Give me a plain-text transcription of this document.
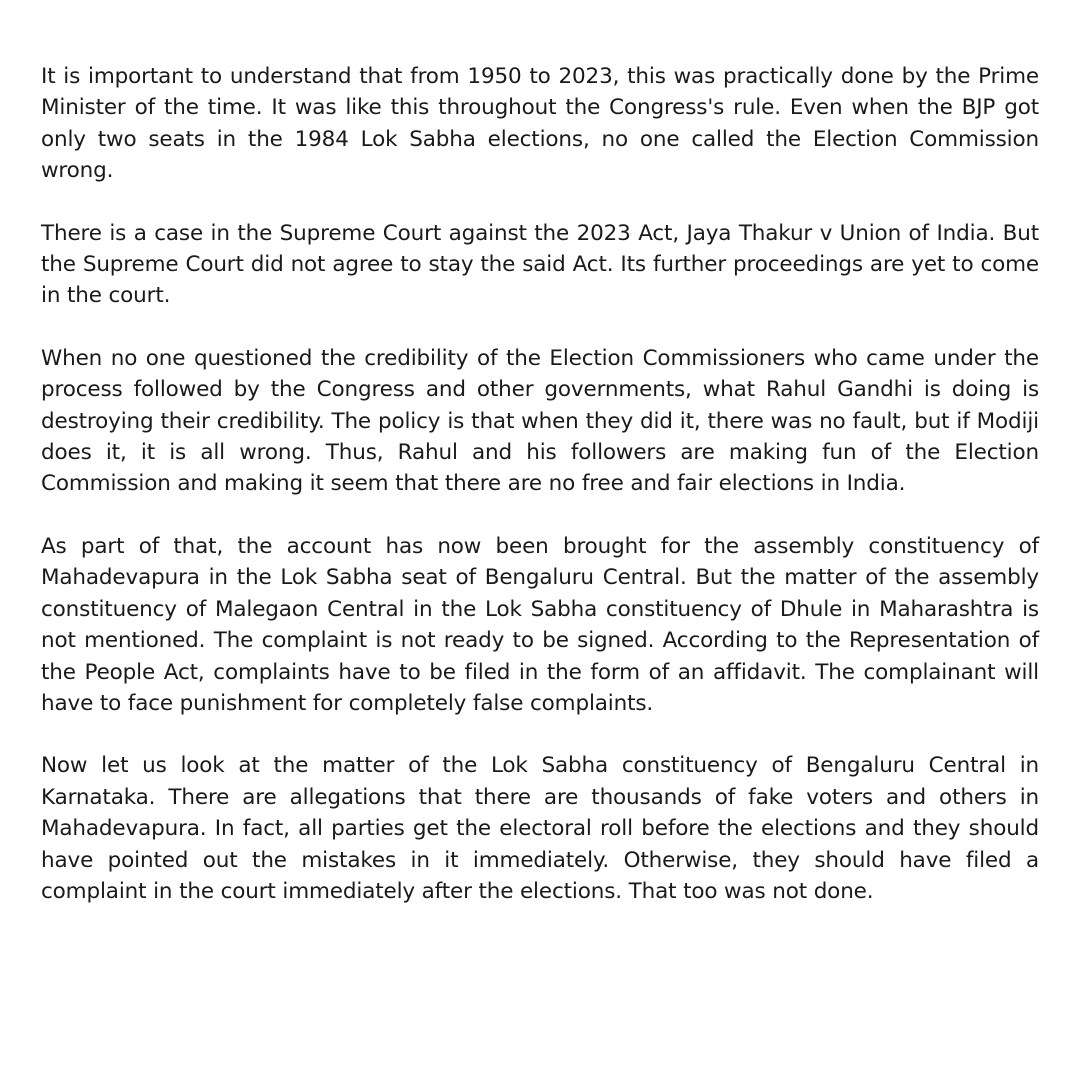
It is important to understand that from 1950 to 2023, this was practically done by the Prime Minister of the time. It was like this throughout the Congress's rule. Even when the BJP got only two seats in the 1984 Lok Sabha elections, no one called the Election Commission wrong.

There is a case in the Supreme Court against the 2023 Act, Jaya Thakur v Union of India. But the Supreme Court did not agree to stay the said Act. Its further proceedings are yet to come in the court.

When no one questioned the credibility of the Election Commissioners who came under the process followed by the Congress and other governments, what Rahul Gandhi is doing is destroying their credibility. The policy is that when they did it, there was no fault, but if Modiji does it, it is all wrong. Thus, Rahul and his followers are making fun of the Election Commission and making it seem that there are no free and fair elections in India.

As part of that, the account has now been brought for the assembly constituency of Mahadevapura in the Lok Sabha seat of Bengaluru Central. But the matter of the assembly constituency of Malegaon Central in the Lok Sabha constituency of Dhule in Maharashtra is not mentioned. The complaint is not ready to be signed. According to the Representation of the People Act, complaints have to be filed in the form of an affidavit. The complainant will have to face punishment for completely false complaints.

Now let us look at the matter of the Lok Sabha constituency of Bengaluru Central in Karnataka. There are allegations that there are thousands of fake voters and others in Mahadevapura. In fact, all parties get the electoral roll before the elections and they should have pointed out the mistakes in it immediately. Otherwise, they should have filed a complaint in the court immediately after the elections. That too was not done.
